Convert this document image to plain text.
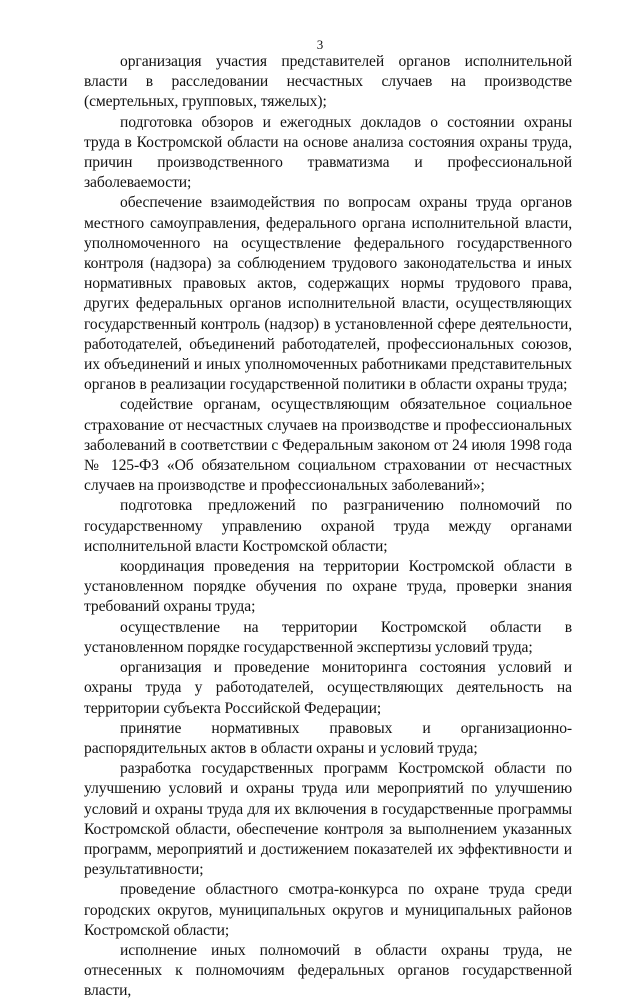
3

организация участия представителей органов исполнительной власти в расследовании несчастных случаев на производстве (смертельных, групповых, тяжелых);

подготовка обзоров и ежегодных докладов о состоянии охраны труда в Костромской области на основе анализа состояния охраны труда, причин производственного травматизма и профессиональной заболеваемости;

обеспечение взаимодействия по вопросам охраны труда органов местного самоуправления, федерального органа исполнительной власти, уполномоченного на осуществление федерального государственного контроля (надзора) за соблюдением трудового законодательства и иных нормативных правовых актов, содержащих нормы трудового права, других федеральных органов исполнительной власти, осуществляющих государственный контроль (надзор) в установленной сфере деятельности, работодателей, объединений работодателей, профессиональных союзов, их объединений и иных уполномоченных работниками представительных органов в реализации государственной политики в области охраны труда;

содействие органам, осуществляющим обязательное социальное страхование от несчастных случаев на производстве и профессиональных заболеваний в соответствии с Федеральным законом от 24 июля 1998 года № 125-ФЗ «Об обязательном социальном страховании от несчастных случаев на производстве и профессиональных заболеваний»;

подготовка предложений по разграничению полномочий по государственному управлению охраной труда между органами исполнительной власти Костромской области;

координация проведения на территории Костромской области в установленном порядке обучения по охране труда, проверки знания требований охраны труда;

осуществление на территории Костромской области в установленном порядке государственной экспертизы условий труда;

организация и проведение мониторинга состояния условий и охраны труда у работодателей, осуществляющих деятельность на территории субъекта Российской Федерации;

принятие нормативных правовых и организационно-распорядительных актов в области охраны и условий труда;

разработка государственных программ Костромской области по улучшению условий и охраны труда или мероприятий по улучшению условий и охраны труда для их включения в государственные программы Костромской области, обеспечение контроля за выполнением указанных программ, мероприятий и достижением показателей их эффективности и результативности;

проведение областного смотра-конкурса по охране труда среди городских округов, муниципальных округов и муниципальных районов Костромской области;

исполнение иных полномочий в области охраны труда, не отнесенных к полномочиям федеральных органов государственной власти,
